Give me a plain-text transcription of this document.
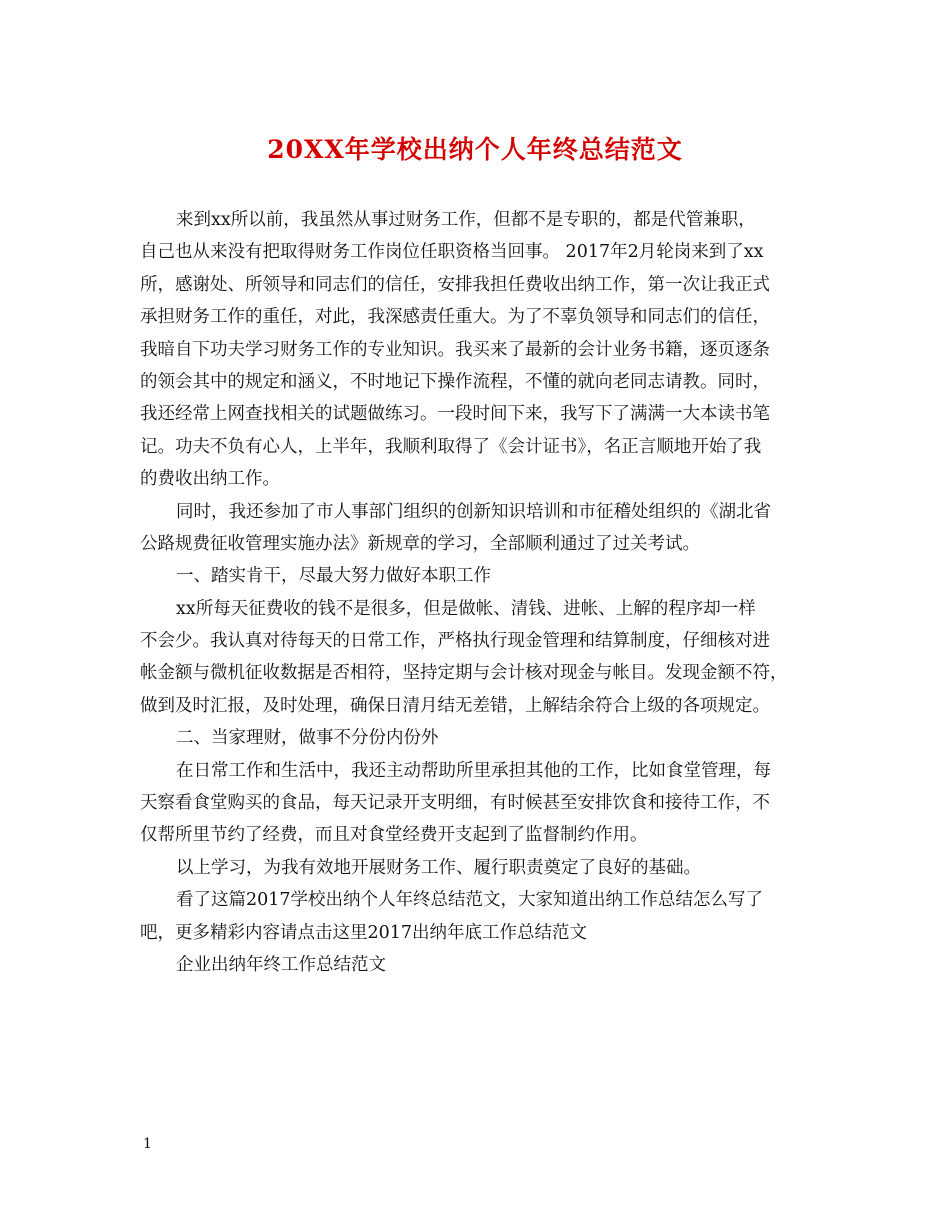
20XX年学校出纳个人年终总结范文
来到xx所以前，我虽然从事过财务工作，但都不是专职的，都是代管兼职，
自己也从来没有把取得财务工作岗位任职资格当回事。 2017年2月轮岗来到了xx
所，感谢处、所领导和同志们的信任，安排我担任费收出纳工作，第一次让我正式
承担财务工作的重任，对此，我深感责任重大。为了不辜负领导和同志们的信任，
我暗自下功夫学习财务工作的专业知识。我买来了最新的会计业务书籍，逐页逐条
的领会其中的规定和涵义，不时地记下操作流程，不懂的就向老同志请教。同时，
我还经常上网查找相关的试题做练习。一段时间下来，我写下了满满一大本读书笔
记。功夫不负有心人，上半年，我顺利取得了《会计证书》，名正言顺地开始了我
的费收出纳工作。
同时，我还参加了市人事部门组织的创新知识培训和市征稽处组织的《湖北省
公路规费征收管理实施办法》新规章的学习，全部顺利通过了过关考试。
一、踏实肯干，尽最大努力做好本职工作
xx所每天征费收的钱不是很多，但是做帐、清钱、进帐、上解的程序却一样
不会少。我认真对待每天的日常工作，严格执行现金管理和结算制度，仔细核对进
帐金额与微机征收数据是否相符，坚持定期与会计核对现金与帐目。发现金额不符，
做到及时汇报，及时处理，确保日清月结无差错，上解结余符合上级的各项规定。
二、当家理财，做事不分份内份外
在日常工作和生活中，我还主动帮助所里承担其他的工作，比如食堂管理，每
天察看食堂购买的食品，每天记录开支明细，有时候甚至安排饮食和接待工作，不
仅帮所里节约了经费，而且对食堂经费开支起到了监督制约作用。
以上学习，为我有效地开展财务工作、履行职责奠定了良好的基础。
看了这篇2017学校出纳个人年终总结范文，大家知道出纳工作总结怎么写了
吧，更多精彩内容请点击这里2017出纳年底工作总结范文
企业出纳年终工作总结范文
1
